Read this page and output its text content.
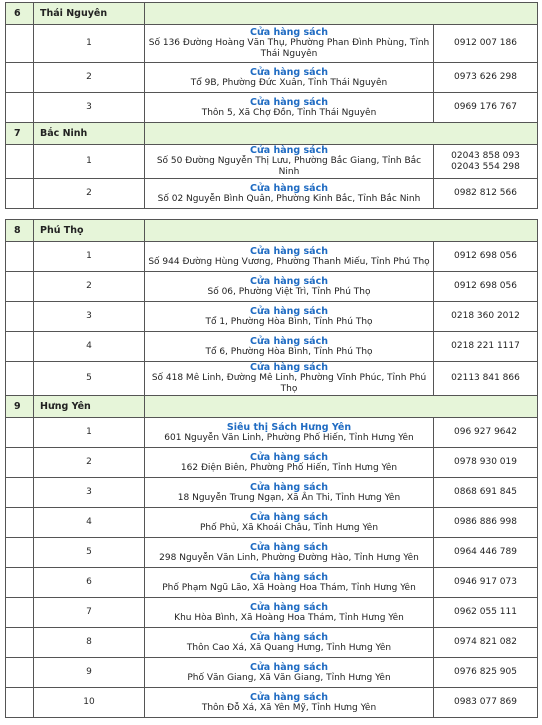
6	Thái Nguyên		
	1	Cửa hàng sách
Số 136 Đường Hoàng Văn Thụ, Phường Phan Đình Phùng, Tỉnh Thái Nguyên	0912 007 186

	2	Cửa hàng sách
Tổ 9B, Phường Đức Xuân, Tỉnh Thái Nguyên	0973 626 298

	3	Cửa hàng sách
Thôn 5, Xã Chợ Đồn, Tỉnh Thái Nguyên	0969 176 767

7	Bắc Ninh		
	1	Cửa hàng sách
Số 50 Đường Nguyễn Thị Lưu, Phường Bắc Giang, Tỉnh Bắc Ninh	02043 858 093
02043 554 298

	2	Cửa hàng sách
Số 02 Nguyễn Bình Quân, Phường Kinh Bắc, Tỉnh Bắc Ninh	0982 812 566
8	Phú Thọ		
	1	Cửa hàng sách
Số 944 Đường Hùng Vương, Phường Thanh Miếu, Tỉnh Phú Thọ	0912 698 056

	2	Cửa hàng sách
Số 06, Phường Việt Trì, Tỉnh Phú Thọ	0912 698 056

	3	Cửa hàng sách
Tổ 1, Phường Hòa Bình, Tỉnh Phú Thọ	0218 360 2012

	4	Cửa hàng sách
Tổ 6, Phường Hòa Bình, Tỉnh Phú Thọ	0218 221 1117

	5	Cửa hàng sách
Số 418 Mê Linh, Đường Mê Linh, Phường Vĩnh Phúc, Tỉnh Phú Thọ	02113 841 866

9	Hưng Yên		
	1	Siêu thị Sách Hưng Yên
601 Nguyễn Văn Linh, Phường Phố Hiến, Tỉnh Hưng Yên	096 927 9642

	2	Cửa hàng sách
162 Điện Biên, Phường Phố Hiến, Tỉnh Hưng Yên	0978 930 019

	3	Cửa hàng sách
18 Nguyễn Trung Ngạn, Xã Ân Thi, Tỉnh Hưng Yên	0868 691 845

	4	Cửa hàng sách
Phố Phủ, Xã Khoái Châu, Tỉnh Hưng Yên	0986 886 998

	5	Cửa hàng sách
298 Nguyễn Văn Linh, Phường Đường Hào, Tỉnh Hưng Yên	0964 446 789

	6	Cửa hàng sách
Phố Phạm Ngũ Lão, Xã Hoàng Hoa Thám, Tỉnh Hưng Yên	0946 917 073

	7	Cửa hàng sách
Khu Hòa Bình, Xã Hoàng Hoa Thám, Tỉnh Hưng Yên	0962 055 111

	8	Cửa hàng sách
Thôn Cao Xá, Xã Quang Hưng, Tỉnh Hưng Yên	0974 821 082

	9	Cửa hàng sách
Phố Văn Giang, Xã Văn Giang, Tỉnh Hưng Yên	0976 825 905

	10	Cửa hàng sách
Thôn Đỗ Xá, Xã Yên Mỹ, Tỉnh Hưng Yên	0983 077 869
